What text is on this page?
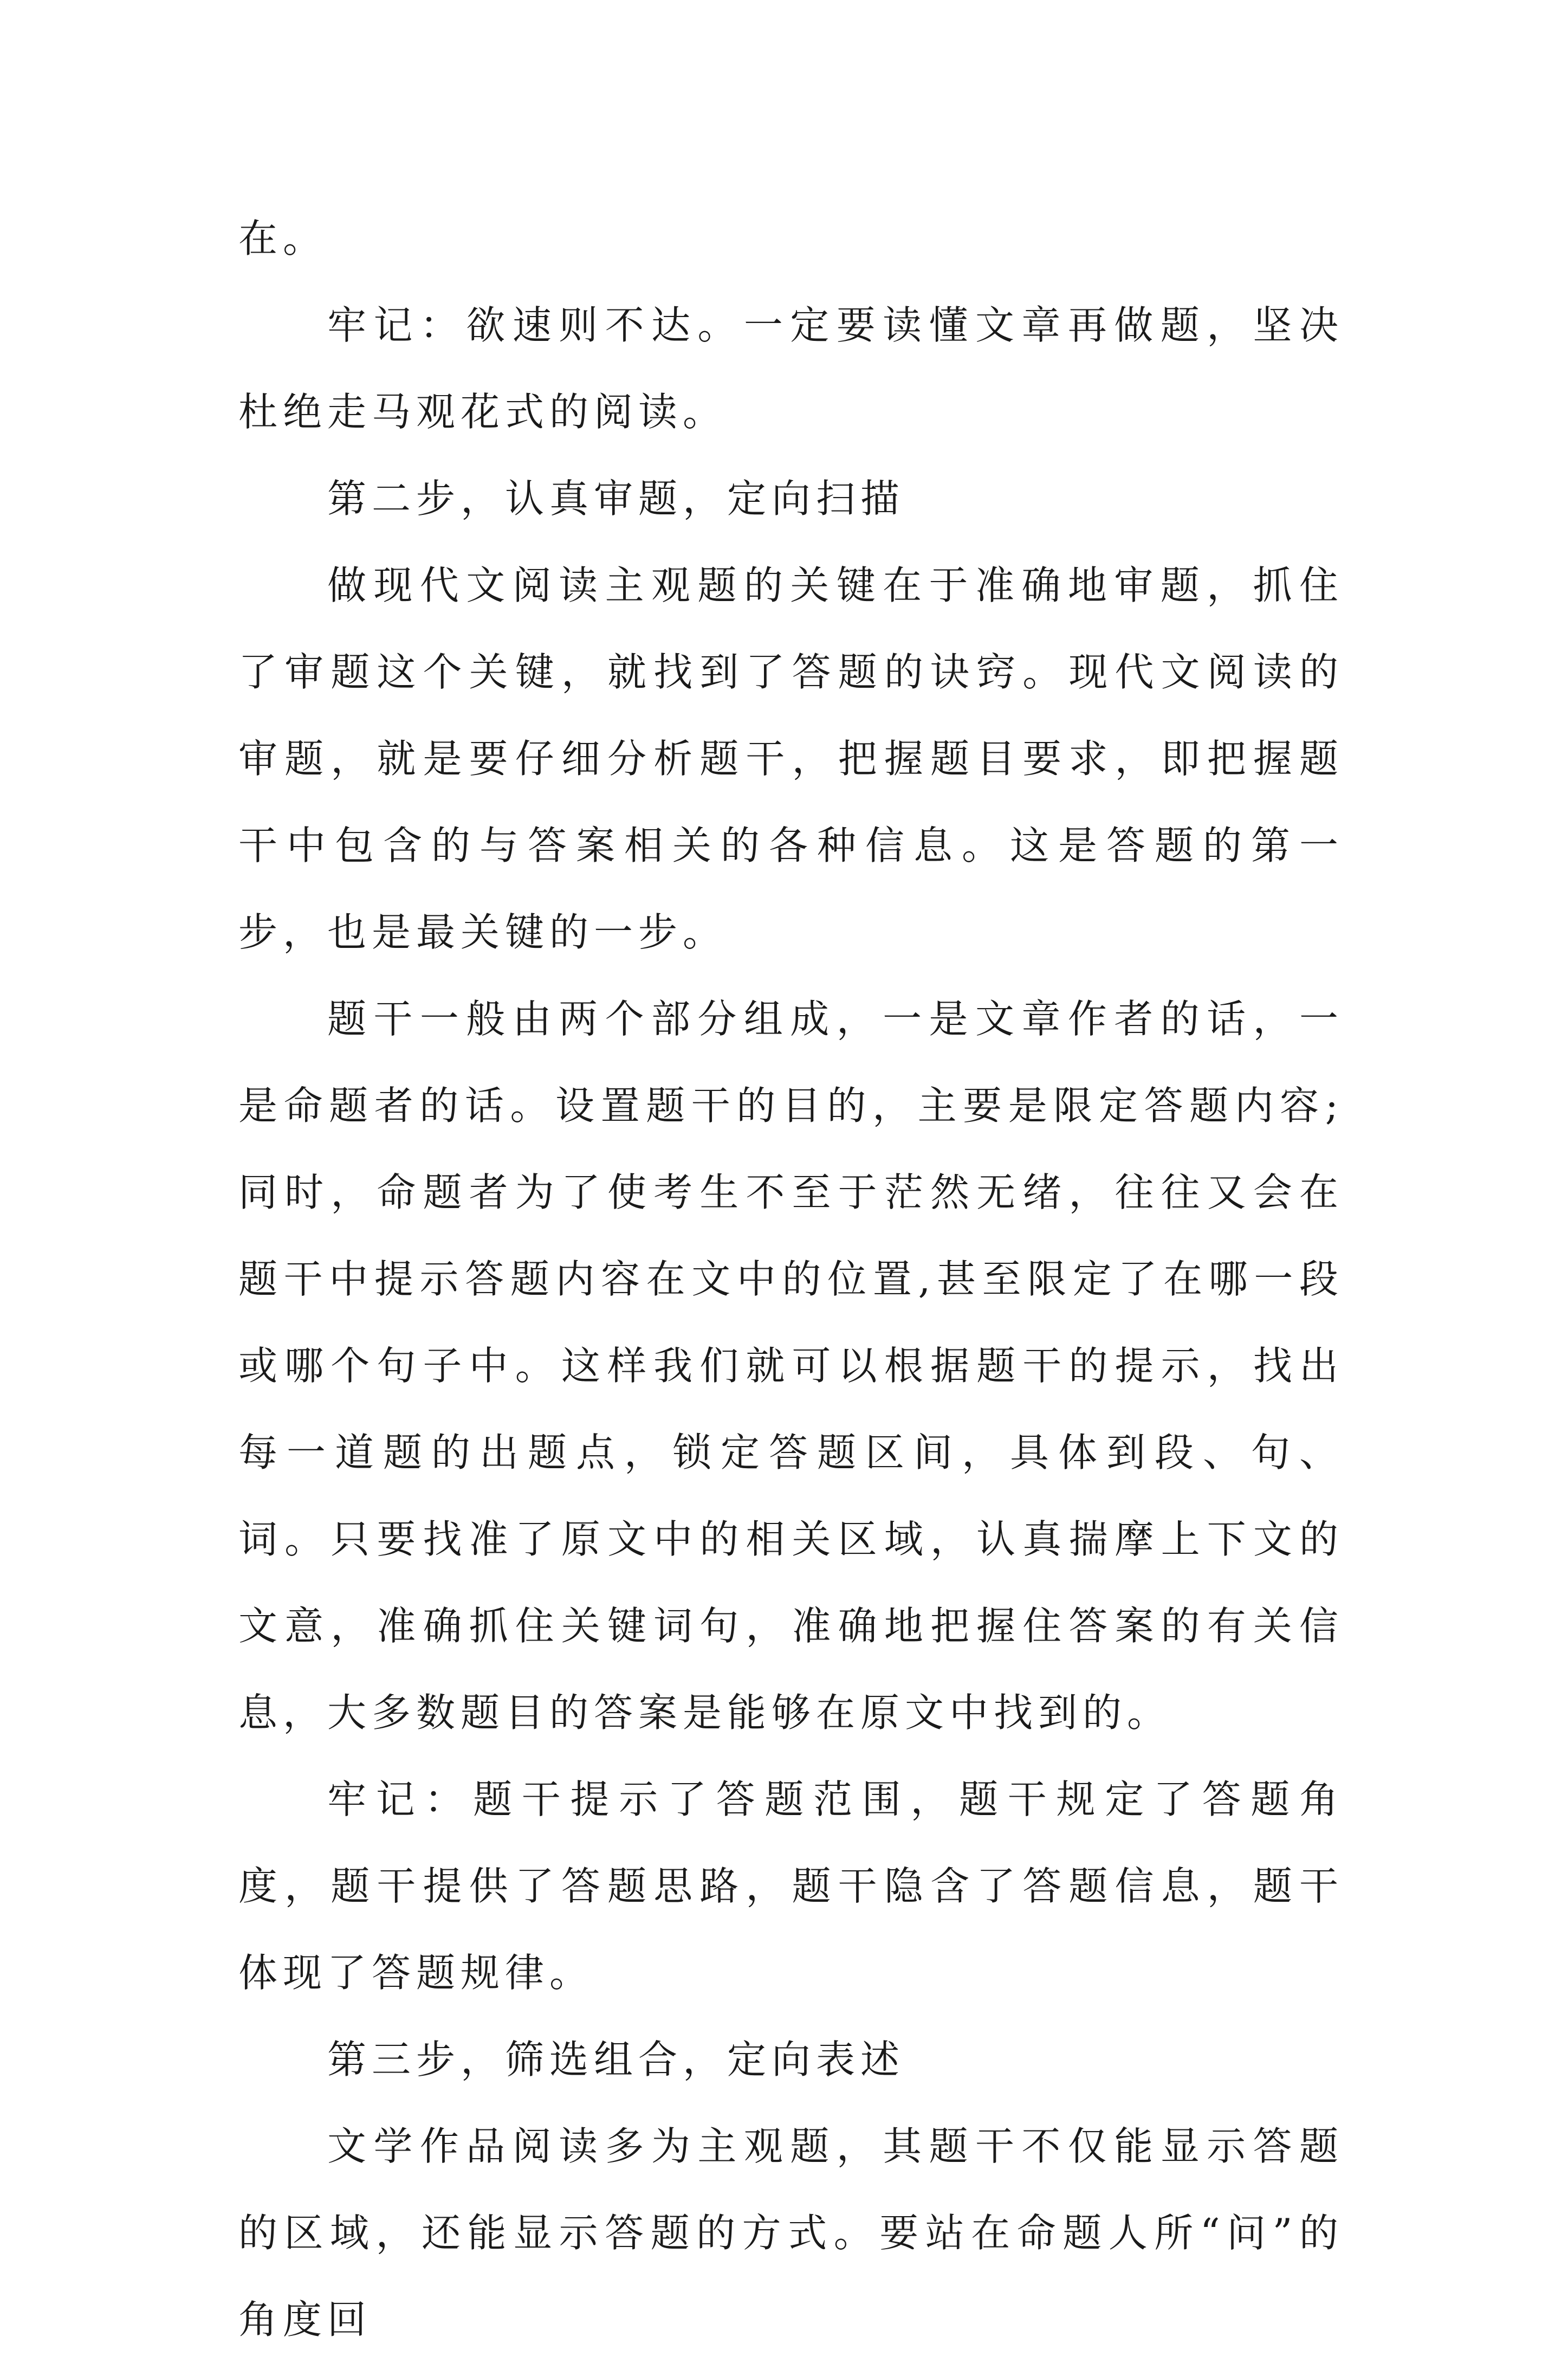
在。

牢记：欲速则不达。一定要读懂文章再做题，坚决杜绝走马观花式的阅读。

第二步，认真审题，定向扫描

做现代文阅读主观题的关键在于准确地审题，抓住了审题这个关键，就找到了答题的诀窍。现代文阅读的审题，就是要仔细分析题干，把握题目要求，即把握题干中包含的与答案相关的各种信息。这是答题的第一步，也是最关键的一步。

题干一般由两个部分组成，一是文章作者的话，一是命题者的话。设置题干的目的，主要是限定答题内容;同时，命题者为了使考生不至于茫然无绪，往往又会在题干中提示答题内容在文中的位置,甚至限定了在哪一段或哪个句子中。这样我们就可以根据题干的提示，找出每一道题的出题点，锁定答题区间，具体到段、句、词。只要找准了原文中的相关区域，认真揣摩上下文的文意，准确抓住关键词句，准确地把握住答案的有关信息，大多数题目的答案是能够在原文中找到的。

牢记：题干提示了答题范围，题干规定了答题角度，题干提供了答题思路，题干隐含了答题信息，题干体现了答题规律。

第三步，筛选组合，定向表述

文学作品阅读多为主观题，其题干不仅能显示答题的区域，还能显示答题的方式。要站在命题人所“问”的角度回
